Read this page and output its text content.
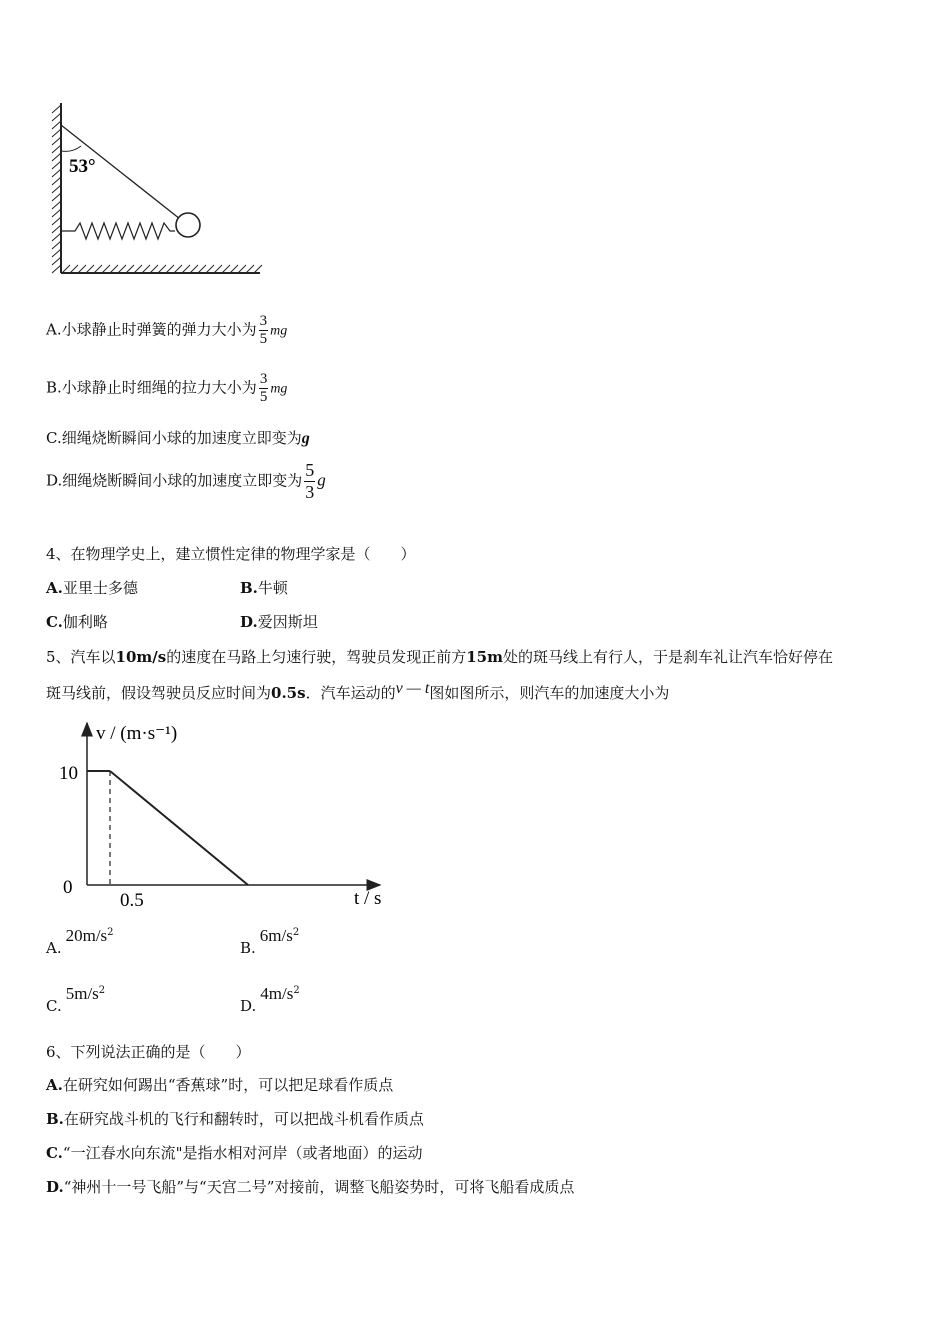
53°
A.小球静止时弹簧的弹力大小为 $\frac{3}{5}$ mg
B.小球静止时细绳的拉力大小为 $\frac{3}{5}$ mg
C.细绳烧断瞬间小球的加速度立即变为g
D.细绳烧断瞬间小球的加速度立即变为 $\frac{5}{3}$ g
4、在物理学史上，建立惯性定律的物理学家是（　　）
A.亚里士多德	B.牛顿
C.伽利略	D.爱因斯坦
5、汽车以10m/s的速度在马路上匀速行驶，驾驶员发现正前方15m处的斑马线上有行人，于是刹车礼让汽车恰好停在
斑马线前，假设驾驶员反应时间为0.5s．汽车运动的v — t图如图所示，则汽车的加速度大小为
v / (m·s⁻¹)
t / s
10
0
0.5
$A.20m/s^2$
$B.6m/s^2$
$C.5m/s^2$
$D.4m/s^2$
6、下列说法正确的是（　　）
A.在研究如何踢出“香蕉球”时，可以把足球看作质点
B.在研究战斗机的飞行和翻转时，可以把战斗机看作质点
C.“一江春水向东流"是指水相对河岸（或者地面）的运动
D.“神州十一号飞船”与“天宫二号”对接前，调整飞船姿势时，可将飞船看成质点
